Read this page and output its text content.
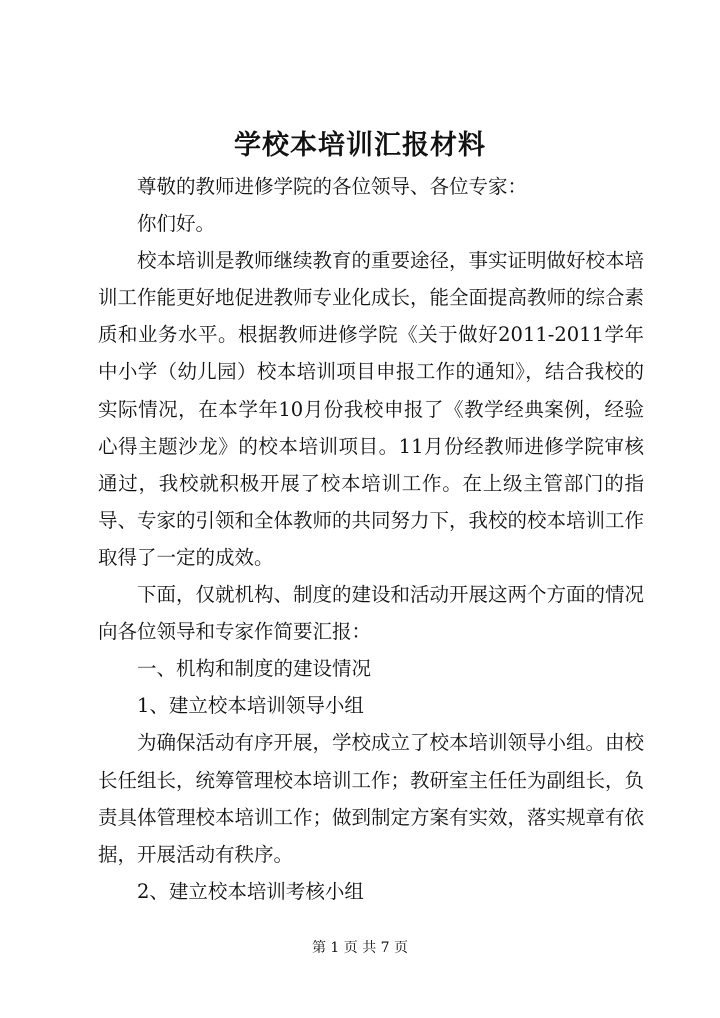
学校本培训汇报材料

尊敬的教师进修学院的各位领导、各位专家：

你们好。

校本培训是教师继续教育的重要途径，事实证明做好校本培训工作能更好地促进教师专业化成长，能全面提高教师的综合素质和业务水平。根据教师进修学院《关于做好2011-2011学年中小学（幼儿园）校本培训项目申报工作的通知》，结合我校的实际情况，在本学年10月份我校申报了《教学经典案例，经验心得主题沙龙》的校本培训项目。11月份经教师进修学院审核通过，我校就积极开展了校本培训工作。在上级主管部门的指导、专家的引领和全体教师的共同努力下，我校的校本培训工作取得了一定的成效。

下面，仅就机构、制度的建设和活动开展这两个方面的情况向各位领导和专家作简要汇报：

一、机构和制度的建设情况

1、建立校本培训领导小组

为确保活动有序开展，学校成立了校本培训领导小组。由校长任组长，统筹管理校本培训工作；教研室主任任为副组长，负责具体管理校本培训工作；做到制定方案有实效，落实规章有依据，开展活动有秩序。

2、建立校本培训考核小组

第 1 页 共 7 页
